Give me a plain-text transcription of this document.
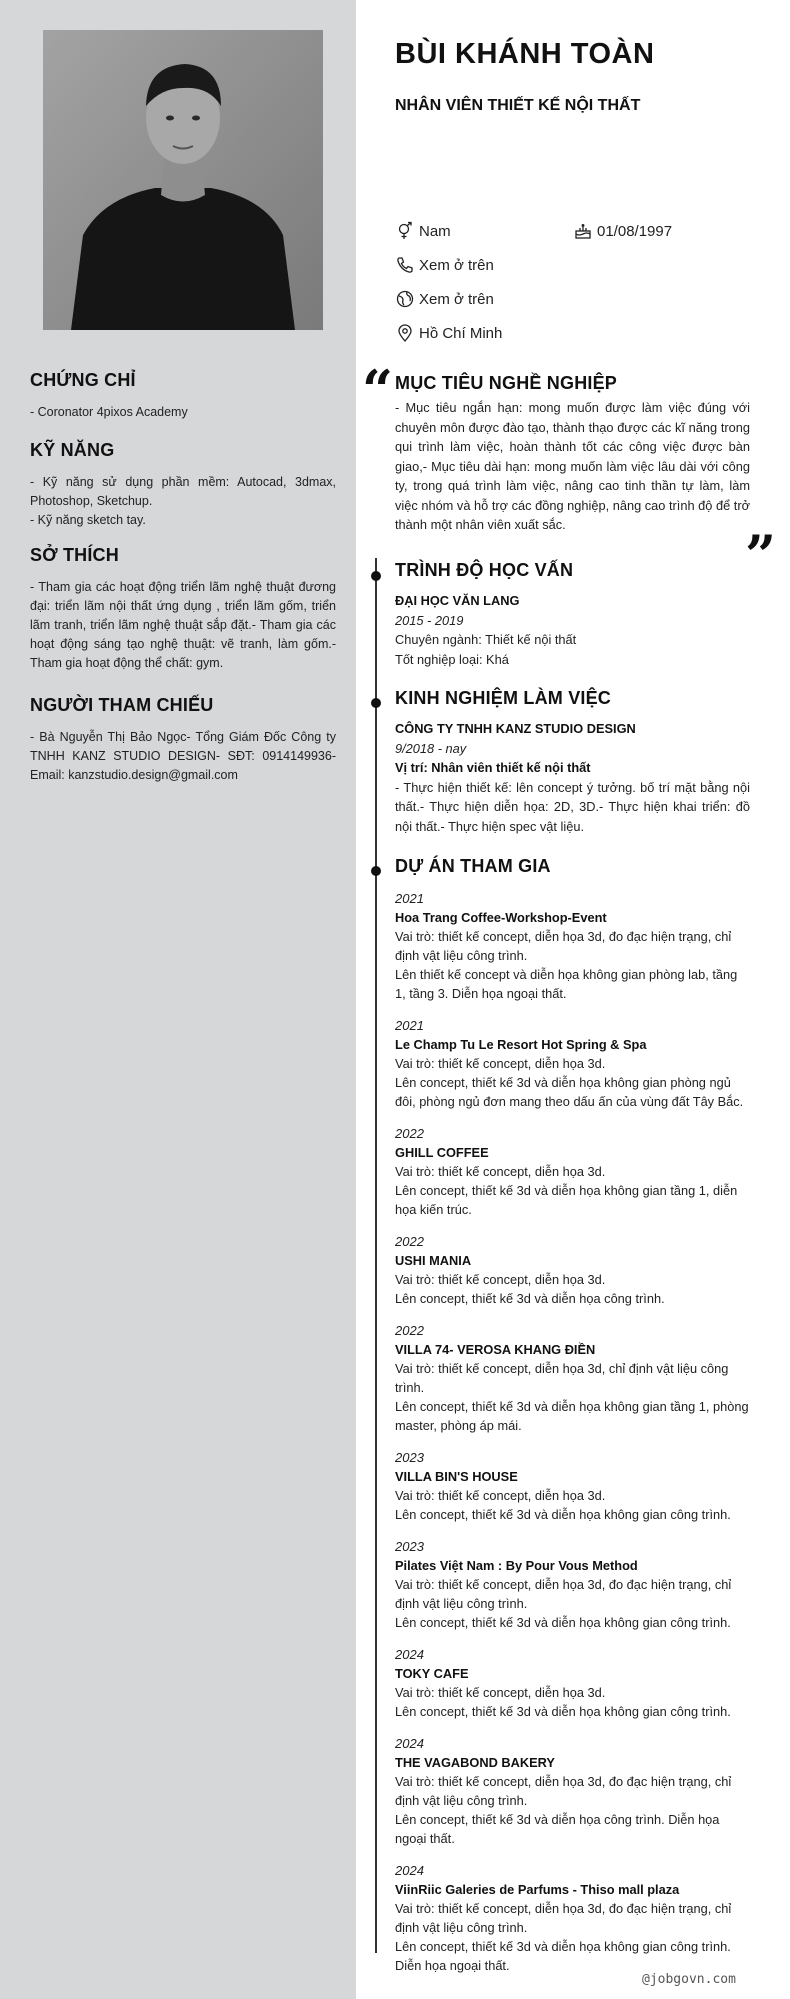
CHỨNG CHỈ
- Coronator 4pixos Academy
KỸ NĂNG
- Kỹ năng sử dụng phần mềm: Autocad, 3dmax, Photoshop, Sketchup.
- Kỹ năng sketch tay.
SỞ THÍCH
- Tham gia các hoạt động triển lãm nghệ thuật đương đại: triển lãm nội thất ứng dụng , triển lãm gốm, triển lãm tranh, triển lãm nghệ thuật sắp đặt.- Tham gia các hoạt động sáng tạo nghệ thuật: vẽ tranh, làm gốm.- Tham gia hoạt động thể chất: gym.
NGƯỜI THAM CHIẾU
- Bà Nguyễn Thị Bảo Ngọc- Tổng Giám Đốc Công ty TNHH KANZ STUDIO DESIGN- SĐT: 0914149936- Email: kanzstudio.design@gmail.com
BÙI KHÁNH TOÀN
NHÂN VIÊN THIẾT KẾ NỘI THẤT
Nam	01/08/1997
Xem ở trên
Xem ở trên
Hồ Chí Minh
“
”
MỤC TIÊU NGHỀ NGHIỆP
- Mục tiêu ngắn hạn: mong muốn được làm việc đúng với chuyên môn được đào tạo, thành thạo được các kĩ năng trong qui trình làm việc, hoàn thành tốt các công việc được bàn giao,- Mục tiêu dài hạn: mong muốn làm việc lâu dài với công ty, trong quá trình làm việc, nâng cao tinh thần tự làm, làm việc nhóm và hỗ trợ các đồng nghiệp, nâng cao trình độ để trở thành một nhân viên xuất sắc.
TRÌNH ĐỘ HỌC VẤN
ĐẠI HỌC VĂN LANG
2015 - 2019
Chuyên ngành: Thiết kế nội thất
Tốt nghiệp loại: Khá
KINH NGHIỆM LÀM VIỆC
CÔNG TY TNHH KANZ STUDIO DESIGN
9/2018 - nay
Vị trí: Nhân viên thiết kế nội thất
- Thực hiện thiết kế: lên concept ý tưởng. bố trí mặt bằng nội thất.- Thực hiện diễn họa: 2D, 3D.- Thực hiện khai triển: đồ nội thất.- Thực hiện spec vật liệu.
DỰ ÁN THAM GIA
2021
Hoa Trang Coffee-Workshop-Event
Vai trò: thiết kế concept, diễn họa 3d, đo đạc hiện trạng, chỉ định vật liệu công trình.
Lên thiết kế concept và diễn họa không gian phòng lab, tầng 1, tầng 3. Diễn họa ngoại thất.
2021
Le Champ Tu Le Resort Hot Spring & Spa
Vai trò: thiết kế concept, diễn họa 3d.
Lên concept, thiết kế 3d và diễn họa không gian phòng ngủ đôi, phòng ngủ đơn mang theo dấu ấn của vùng đất Tây Bắc.
2022
GHILL COFFEE
Vai trò: thiết kế concept, diễn họa 3d.
Lên concept, thiết kế 3d và diễn họa không gian tầng 1, diễn họa kiến trúc.
2022
USHI MANIA
Vai trò: thiết kế concept, diễn họa 3d.
Lên concept, thiết kế 3d và diễn họa công trình.
2022
VILLA 74- VEROSA KHANG ĐIỀN
Vai trò: thiết kế concept, diễn họa 3d, chỉ định vật liệu công trình.
Lên concept, thiết kế 3d và diễn họa không gian tầng 1, phòng master, phòng áp mái.
2023
VILLA BIN'S HOUSE
Vai trò: thiết kế concept, diễn họa 3d.
Lên concept, thiết kế 3d và diễn họa không gian công trình.
2023
Pilates Việt Nam : By Pour Vous Method
Vai trò: thiết kế concept, diễn họa 3d, đo đạc hiện trạng, chỉ định vật liệu công trình.
Lên concept, thiết kế 3d và diễn họa không gian công trình.
2024
TOKY CAFE
Vai trò: thiết kế concept, diễn họa 3d.
Lên concept, thiết kế 3d và diễn họa không gian công trình.
2024
THE VAGABOND BAKERY
Vai trò: thiết kế concept, diễn họa 3d, đo đạc hiện trạng, chỉ định vật liệu công trình.
Lên concept, thiết kế 3d và diễn họa công trình. Diễn họa ngoại thất.
2024
ViinRiic Galeries de Parfums - Thiso mall plaza
Vai trò: thiết kế concept, diễn họa 3d, đo đạc hiện trạng, chỉ định vật liệu công trình.
Lên concept, thiết kế 3d và diễn họa không gian công trình. Diễn họa ngoại thất.
@jobgovn.com
